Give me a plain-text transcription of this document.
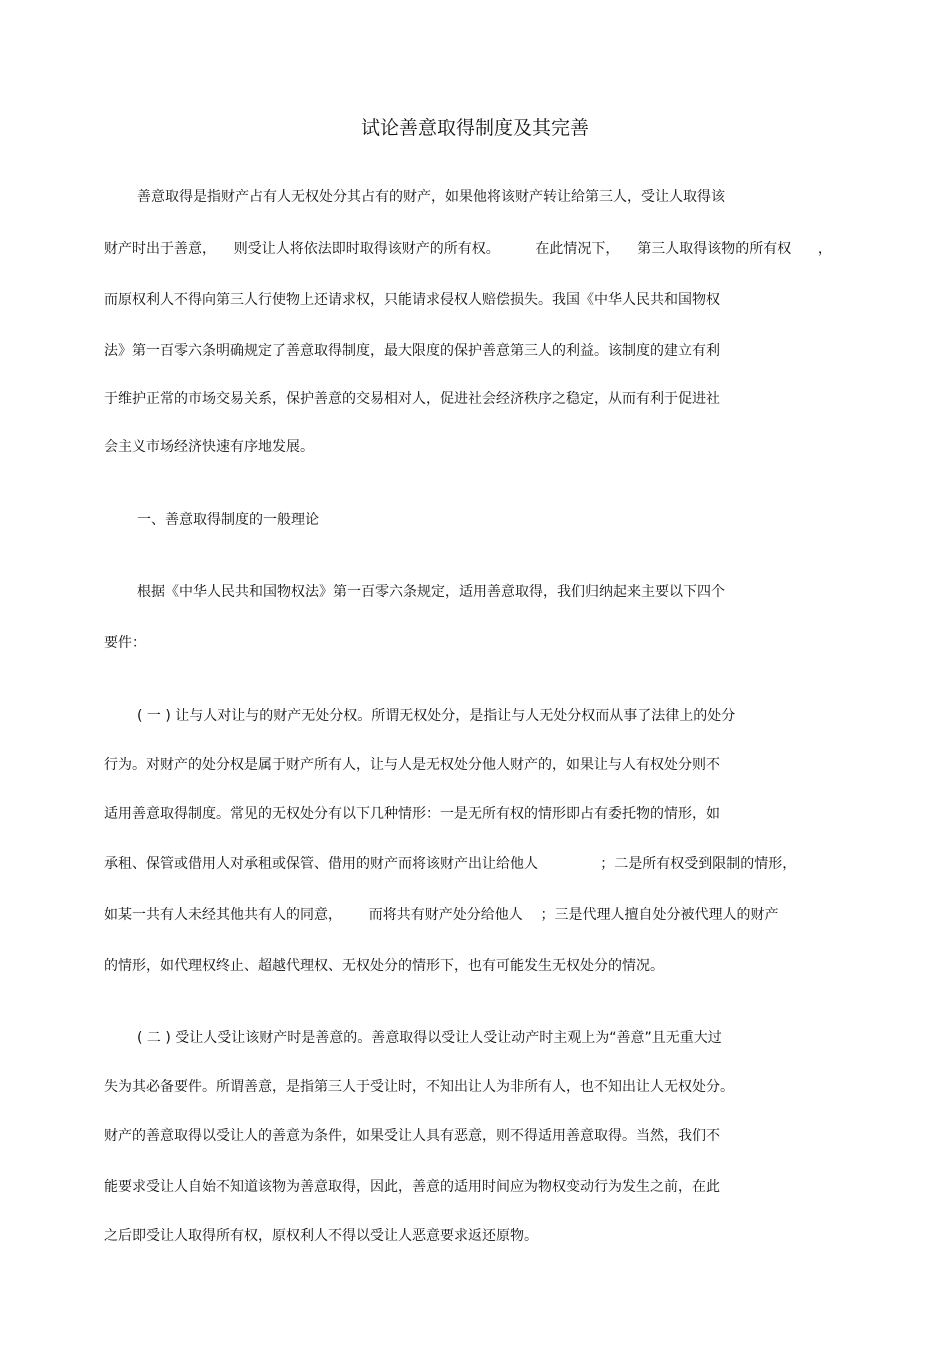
试论善意取得制度及其完善

善意取得是指财产占有人无权处分其占有的财产，如果他将该财产转让给第三人，受让人取得该

财产时出于善意，    则受让人将依法即时取得该财产的所有权。        在此情况下，    第三人取得该物的所有权      ，

而原权利人不得向第三人行使物上还请求权，只能请求侵权人赔偿损失。我国《中华人民共和国物权

法》第一百零六条明确规定了善意取得制度，最大限度的保护善意第三人的利益。该制度的建立有利

于维护正常的市场交易关系，保护善意的交易相对人，促进社会经济秩序之稳定，从而有利于促进社

会主义市场经济快速有序地发展。

一、善意取得制度的一般理论

根据《中华人民共和国物权法》第一百零六条规定，适用善意取得，我们归纳起来主要以下四个

要件：

( 一 ) 让与人对让与的财产无处分权。所谓无权处分，是指让与人无处分权而从事了法律上的处分

行为。对财产的处分权是属于财产所有人，让与人是无权处分他人财产的，如果让与人有权处分则不

适用善意取得制度。常见的无权处分有以下几种情形：一是无所有权的情形即占有委托物的情形，如

承租、保管或借用人对承租或保管、借用的财产而将该财产出让给他人              ；二是所有权受到限制的情形，

如某一共有人未经其他共有人的同意，      而将共有财产处分给他人    ；三是代理人擅自处分被代理人的财产

的情形，如代理权终止、超越代理权、无权处分的情形下，也有可能发生无权处分的情况。

( 二 ) 受让人受让该财产时是善意的。善意取得以受让人受让动产时主观上为“善意”且无重大过

失为其必备要件。所谓善意，是指第三人于受让时，不知出让人为非所有人，也不知出让人无权处分。

财产的善意取得以受让人的善意为条件，如果受让人具有恶意，则不得适用善意取得。当然，我们不

能要求受让人自始不知道该物为善意取得，因此，善意的适用时间应为物权变动行为发生之前，在此

之后即受让人取得所有权，原权利人不得以受让人恶意要求返还原物。
